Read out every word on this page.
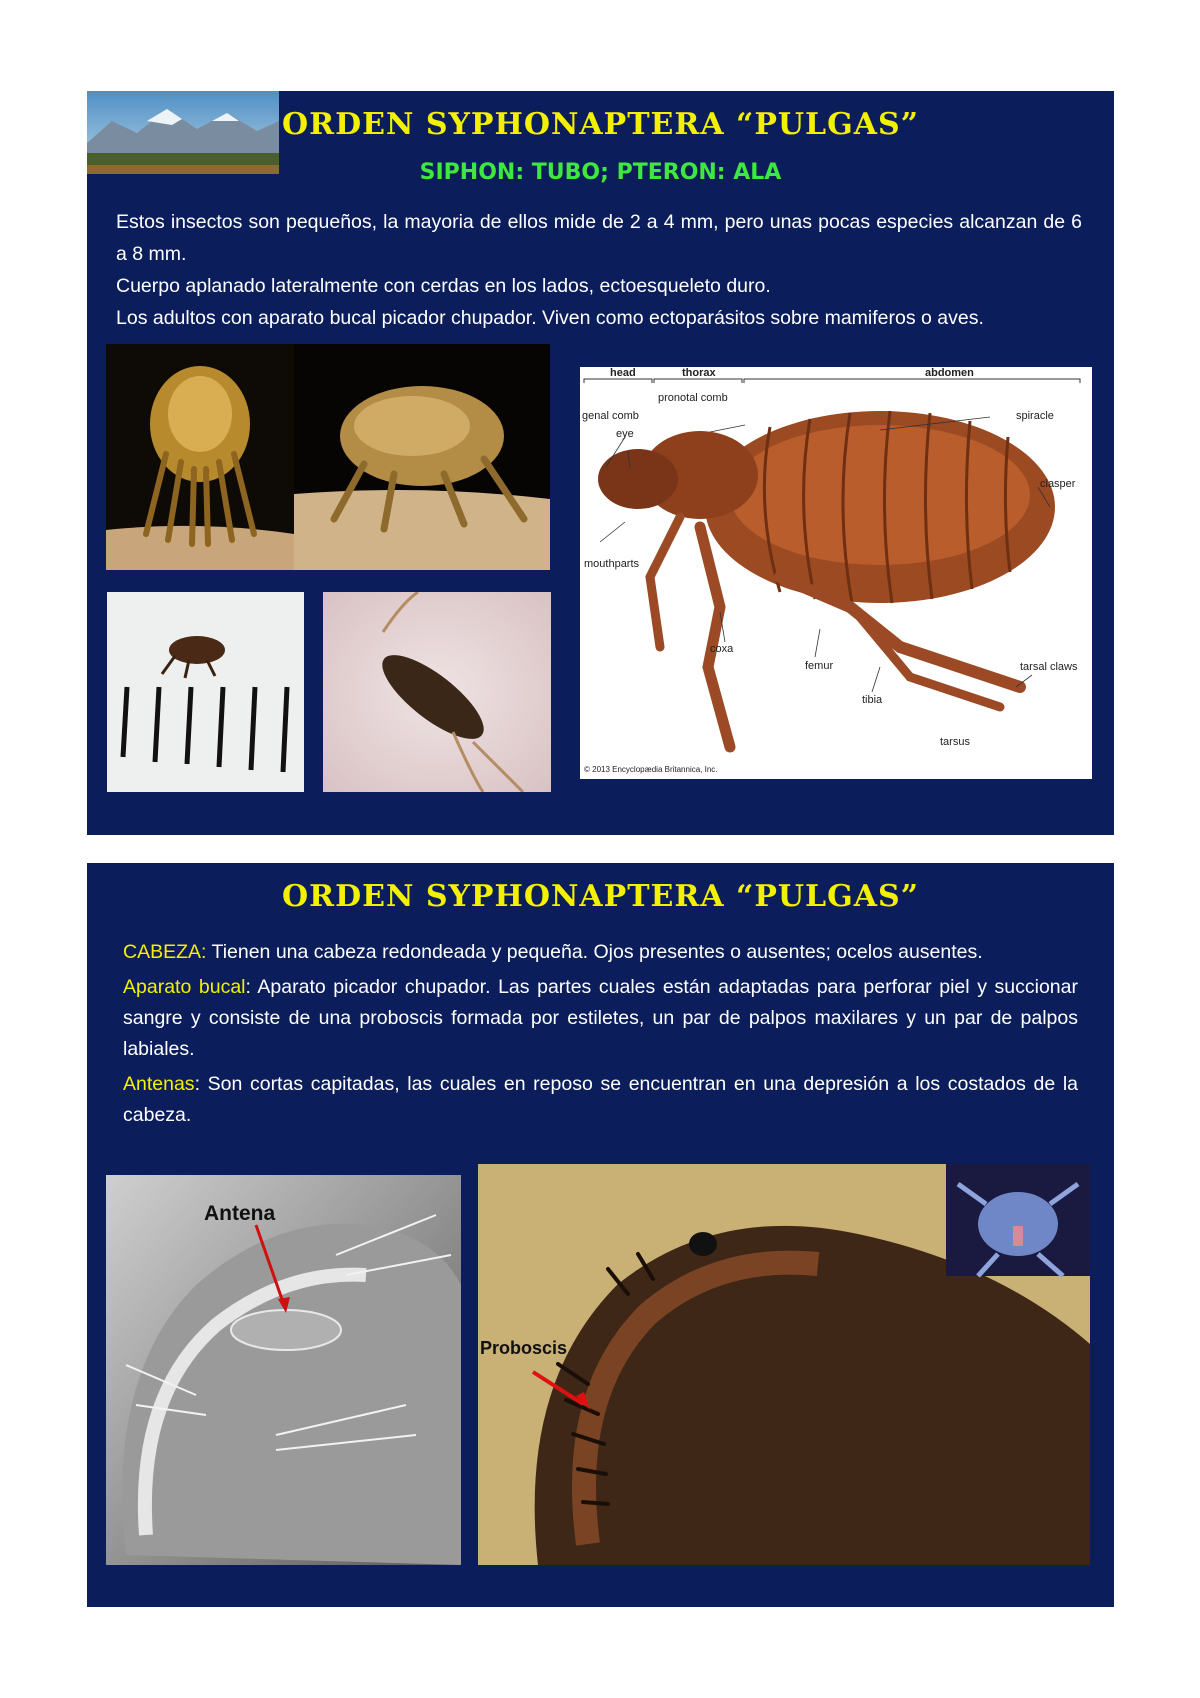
ORDEN SYPHONAPTERA “PULGAS”
SIPHON: TUBO; PTERON: ALA

Estos insectos son pequeños, la mayoria de ellos mide de 2 a 4 mm, pero unas pocas especies alcanzan de 6 a 8 mm.

Cuerpo aplanado lateralmente con cerdas en los lados, ectoesqueleto duro.

Los adultos con aparato bucal picador chupador. Viven como ectoparásitos sobre mamiferos o aves.

head	thorax	abdomen
pronotal comb
genal comb
eye
spiracle
clasper
mouthparts
coxa
femur
tibia
tarsal claws
tarsus
© 2013 Encyclopædia Britannica, Inc.
ORDEN SYPHONAPTERA “PULGAS”

CABEZA: Tienen una cabeza redondeada y pequeña. Ojos presentes o ausentes; ocelos ausentes.

Aparato bucal: Aparato picador chupador. Las partes cuales están adaptadas para perforar piel y succionar sangre y consiste de una proboscis formada por estiletes, un par de palpos maxilares y un par de palpos labiales.

Antenas: Son cortas capitadas, las cuales en reposo se encuentran en una depresión a los costados de la cabeza.

Antena
Proboscis
